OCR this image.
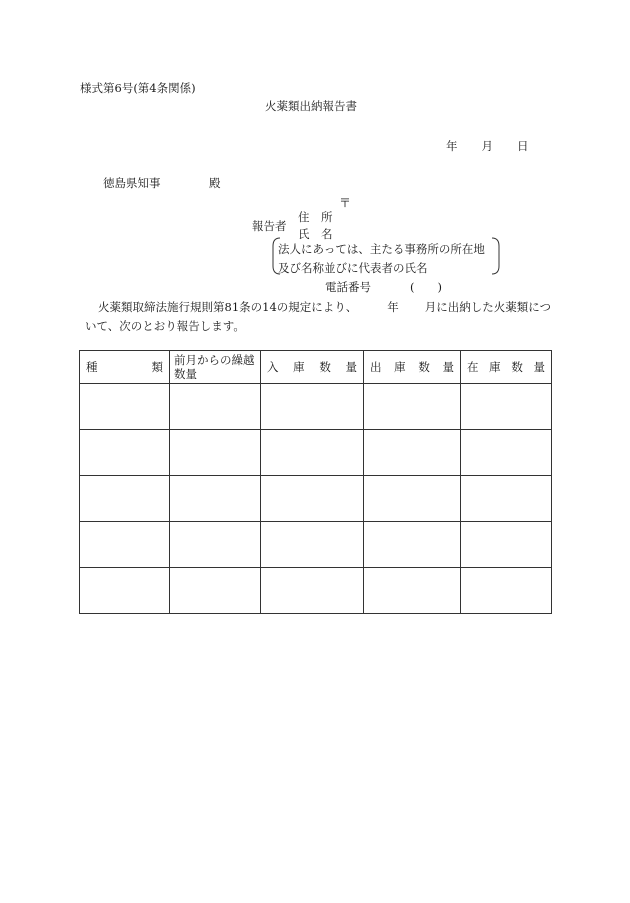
様式第6号(第4条関係)
火薬類出納報告書
年 月 日
徳島県知事	殿
〒
報告者
住　所
氏　名
法人にあっては、主たる事務所の所在地
及び名称並びに代表者の氏名
電話番号	(　　)
火薬類取締法施行規則第81条の14の規定により、	年 月に出納した火薬類につ
いて、次のとおり報告します。
種 類	前月からの繰越数量	入 庫 数 量	出 庫 数 量	在 庫 数 量
